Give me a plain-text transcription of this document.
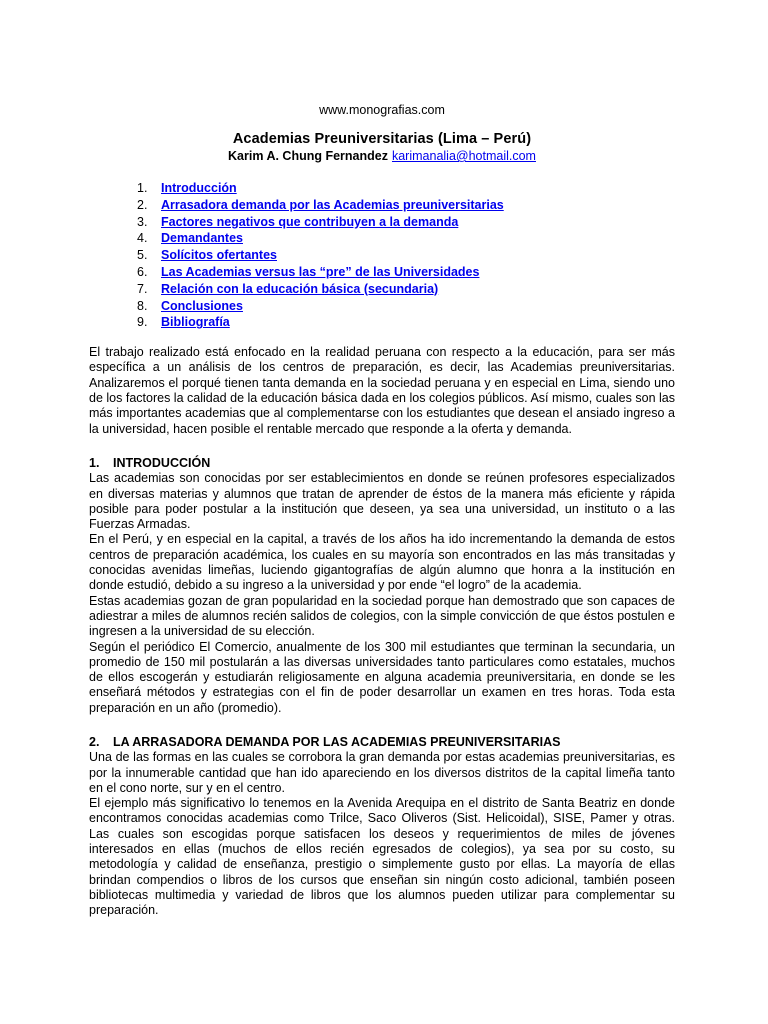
www.monografias.com

Academias Preuniversitarias (Lima – Perú)

Karim A. Chung Fernandez karimanalia@hotmail.com

1. Introducción
2. Arrasadora demanda por las Academias preuniversitarias
3. Factores negativos que contribuyen a la demanda
4. Demandantes
5. Solícitos ofertantes
6. Las Academias versus las “pre” de las Universidades
7. Relación con la educación básica (secundaria)
8. Conclusiones
9. Bibliografía

El trabajo realizado está enfocado en la realidad peruana con respecto a la educación, para ser más específica a un análisis de los centros de preparación, es decir, las Academias preuniversitarias. Analizaremos el porqué tienen tanta demanda en la sociedad peruana y en especial en Lima, siendo uno de los factores la calidad de la educación básica dada en los colegios públicos. Así mismo, cuales son las más importantes academias que al complementarse con los estudiantes que desean el ansiado ingreso a la universidad, hacen posible el rentable mercado que responde a la oferta y demanda.

1. INTRODUCCIÓN

Las academias son conocidas por ser establecimientos en donde se reúnen profesores especializados en diversas materias y alumnos que tratan de aprender de éstos de la manera más eficiente y rápida posible para poder postular a la institución que deseen, ya sea una universidad, un instituto o a las Fuerzas Armadas.

En el Perú, y en especial en la capital, a través de los años ha ido incrementando la demanda de estos centros de preparación académica, los cuales en su mayoría son encontrados en las más transitadas y conocidas avenidas limeñas, luciendo gigantografías de algún alumno que honra a la institución en donde estudió, debido a su ingreso a la universidad y por ende “el logro” de la academia.

Estas academias gozan de gran popularidad en la sociedad porque han demostrado que son capaces de adiestrar a miles de alumnos recién salidos de colegios, con la simple convicción de que éstos postulen e ingresen a la universidad de su elección.

Según el periódico El Comercio, anualmente de los 300 mil estudiantes que terminan la secundaria, un promedio de 150 mil postularán a las diversas universidades tanto particulares como estatales, muchos de ellos escogerán y estudiarán religiosamente en alguna academia preuniversitaria, en donde se les enseñará métodos y estrategias con el fin de poder desarrollar un examen en tres horas. Toda esta preparación en un año (promedio).

2. LA ARRASADORA DEMANDA POR LAS ACADEMIAS PREUNIVERSITARIAS

Una de las formas en las cuales se corrobora la gran demanda por estas academias preuniversitarias, es por la innumerable cantidad que han ido apareciendo en los diversos distritos de la capital limeña tanto en el cono norte, sur y en el centro.

El ejemplo más significativo lo tenemos en la Avenida Arequipa en el distrito de Santa Beatriz en donde encontramos conocidas academias como Trilce, Saco Oliveros (Sist. Helicoidal), SISE, Pamer y otras. Las cuales son escogidas porque satisfacen los deseos y requerimientos de miles de jóvenes interesados en ellas (muchos de ellos recién egresados de colegios), ya sea por su costo, su metodología y calidad de enseñanza, prestigio o simplemente gusto por ellas. La mayoría de ellas brindan compendios o libros de los cursos que enseñan sin ningún costo adicional, también poseen bibliotecas multimedia y variedad de libros que los alumnos pueden utilizar para complementar su preparación.
